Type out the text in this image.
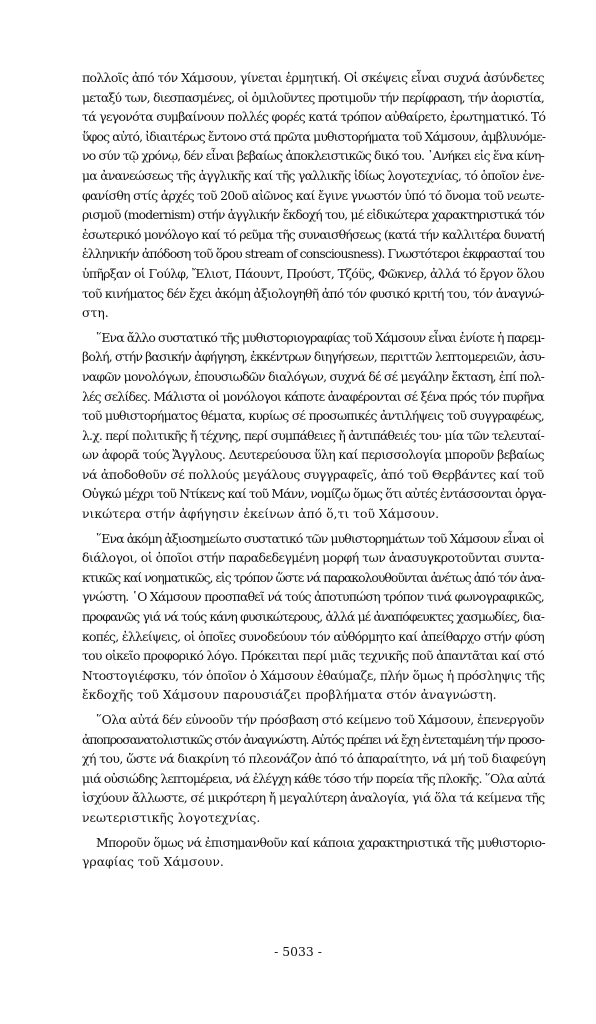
πολλοῖς ἀπό τόν Χάμσουν, γίνεται ἑρμητική. Οἱ σκέψεις εἶναι συχνά ἀσύνδετες
μεταξύ των, διεσπασμένες, οἱ ὁμιλοῦντες προτιμοῦν τήν περίφραση, τήν ἀοριστία,
τά γεγονότα συμβαίνουν πολλές φορές κατά τρόπον αὐθαίρετο, ἐρωτηματικό. Τό
ὕφος αὐτό, ἰδιαιτέρως ἔντονο στά πρῶτα μυθιστορήματα τοῦ Χάμσουν, ἀμβλυνόμε-
νο σύν τῷ χρόνῳ, δέν εἶναι βεβαίως ἀποκλειστικῶς δικό του. ᾽Ανήκει εἰς ἕνα κίνη-
μα ἀνανεώσεως τῆς ἀγγλικῆς καί τῆς γαλλικῆς ἰδίως λογοτεχνίας, τό ὁποῖον ἐνε-
φανίσθη στίς ἀρχές τοῦ 20οῦ αἰῶνος καί ἔγινε γνωστόν ὑπό τό ὄνομα τοῦ νεωτε-
ρισμοῦ (modernism) στήν ἀγγλικήν ἔκδοχή του, μέ εἰδικώτερα χαρακτηριστικά τόν
ἐσωτερικό μονόλογο καί τό ρεῦμα τῆς συναισθήσεως (κατά τήν καλλιτέρα δυνατή
ἑλληνικήν ἀπόδοση τοῦ ὅρου stream of consciousness). Γνωστότεροι ἐκφρασταί του
ὑπῆρξαν οἱ Γούλφ, Ἔλιοτ, Πάουντ, Προύστ, Τζόϋς, Φῶκνερ, ἀλλά τό ἔργον ὅλου
τοῦ κινήματος δέν ἔχει ἀκόμη ἀξιολογηθῆ ἀπό τόν φυσικό κριτή του, τόν ἀναγνώ-
στη.
῞Ενα ἄλλο συστατικό τῆς μυθιστοριογραφίας τοῦ Χάμσουν εἶναι ἐνίοτε ἡ παρεμ-
βολή, στήν βασικήν ἀφήγηση, ἐκκέντρων διηγήσεων, περιττῶν λεπτομερειῶν, ἀσυ-
ναφῶν μονολόγων, ἐπουσιωδῶν διαλόγων, συχνά δέ σέ μεγάλην ἔκταση, ἐπί πολ-
λές σελίδες. Μάλιστα οἱ μονόλογοι κάποτε ἀναφέρονται σέ ξένα πρός τόν πυρῆνα
τοῦ μυθιστορήματος θέματα, κυρίως σέ προσωπικές ἀντιλήψεις τοῦ συγγραφέως,
λ.χ. περί πολιτικῆς ἤ τέχνης, περί συμπάθειες ἤ ἀντιπάθειές του· μία τῶν τελευταί-
ων ἀφορᾶ τούς Ἄγγλους. Δευτερεύουσα ὕλη καί περισσολογία μποροῦν βεβαίως
νά ἀποδοθοῦν σέ πολλούς μεγάλους συγγραφεῖς, ἀπό τοῦ Θερβάντες καί τοῦ
Οὐγκώ μέχρι τοῦ Ντίκενς καί τοῦ Μάνν, νομίζω ὅμως ὅτι αὐτές ἐντάσσονται ὀργα-
νικώτερα στήν ἀφήγησιν ἐκείνων ἀπό ὅ,τι τοῦ Χάμσουν.
῞Ενα ἀκόμη ἀξιοσημείωτο συστατικό τῶν μυθιστορημάτων τοῦ Χάμσουν εἶναι οἱ
διάλογοι, οἱ ὁποῖοι στήν παραδεδεγμένη μορφή των ἀνασυγκροτοῦνται συντα-
κτικῶς καί νοηματικῶς, εἰς τρόπον ὥστε νά παρακολουθοῦνται ἀνέτως ἀπό τόν ἀνα-
γνώστη. ῾Ο Χάμσουν προσπαθεῖ νά τούς ἀποτυπώση τρόπον τινά φωνογραφικῶς,
προφανῶς γιά νά τούς κάνη φυσικώτερους, ἀλλά μέ ἀναπόφευκτες χασμωδίες, δια-
κοπές, ἐλλείψεις, οἱ ὁποῖες συνοδεύουν τόν αὐθόρμητο καί ἀπείθαρχο στήν φύση
του οἰκεῖο προφορικό λόγο. Πρόκειται περί μιᾶς τεχνικῆς ποῦ ἀπαντᾶται καί στό
Ντοστογιέφσκυ, τόν ὁποῖον ὁ Χάμσουν ἐθαύμαζε, πλήν ὅμως ἡ πρόσληψις τῆς
ἔκδοχῆς τοῦ Χάμσουν παρουσιάζει προβλήματα στόν ἀναγνώστη.
῞Ολα αὐτά δέν εὐνοοῦν τήν πρόσβαση στό κείμενο τοῦ Χάμσουν, ἐπενεργοῦν
ἀποπροσανατολιστικῶς στόν ἀναγνώστη. Αὐτός πρέπει νά ἔχη ἐντεταμένη τήν προσο-
χή του, ὥστε νά διακρίνη τό πλεονάζον ἀπό τό ἀπαραίτητο, νά μή τοῦ διαφεύγη
μιά οὐσιώδης λεπτομέρεια, νά ἐλέγχη κάθε τόσο τήν πορεία τῆς πλοκῆς. ῞Ολα αὐτά
ἰσχύουν ἄλλωστε, σέ μικρότερη ἤ μεγαλύτερη ἀναλογία, γιά ὅλα τά κείμενα τῆς
νεωτεριστικῆς λογοτεχνίας.
Μποροῦν ὅμως νά ἐπισημανθοῦν καί κάποια χαρακτηριστικά τῆς μυθιστοριο-
γραφίας τοῦ Χάμσουν.
- 5033 -
